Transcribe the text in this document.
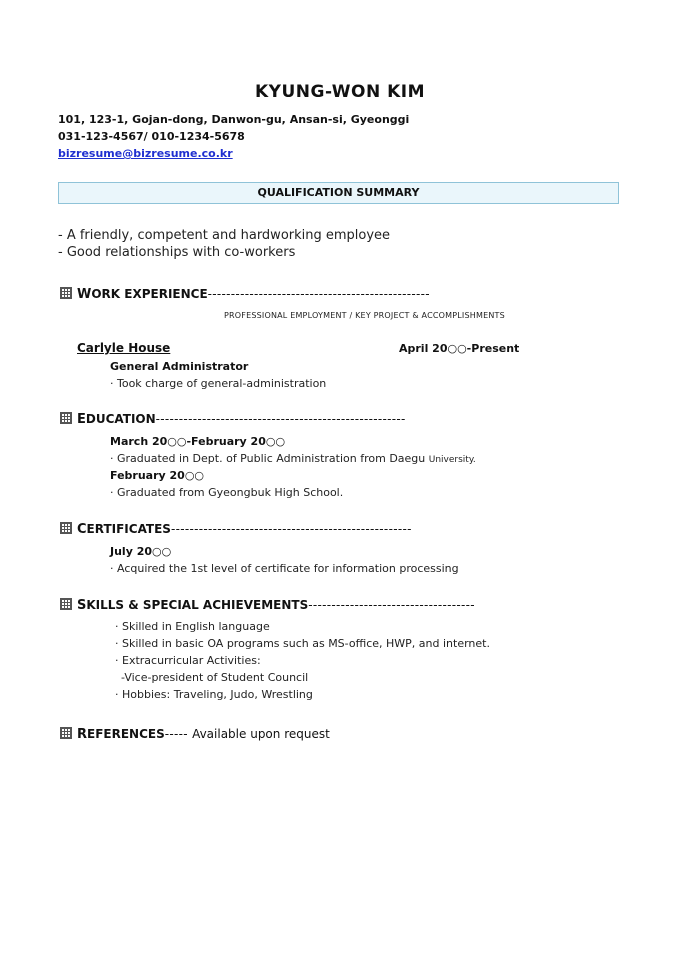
KYUNG-WON KIM
101, 123-1, Gojan-dong, Danwon-gu, Ansan-si, Gyeonggi
031-123-4567/ 010-1234-5678
bizresume@bizresume.co.kr
QUALIFICATION SUMMARY
- A friendly, competent and hardworking employee
- Good relationships with co-workers
WORK EXPERIENCE------------------------------------------------
PROFESSIONAL EMPLOYMENT / KEY PROJECT & ACCOMPLISHMENTS
Carlyle House	April 20○○-Present
General Administrator
· Took charge of general-administration
EDUCATION------------------------------------------------------
March 20○○-February 20○○
· Graduated in Dept. of Public Administration from Daegu University.
February 20○○
· Graduated from Gyeongbuk High School.
CERTIFICATES----------------------------------------------------
July 20○○
· Acquired the 1st level of certificate for information processing
SKILLS & SPECIAL ACHIEVEMENTS------------------------------------
· Skilled in English language
· Skilled in basic OA programs such as MS-office, HWP, and internet.
· Extracurricular Activities:
-Vice-president of Student Council
· Hobbies: Traveling, Judo, Wrestling
REFERENCES----- Available upon request
